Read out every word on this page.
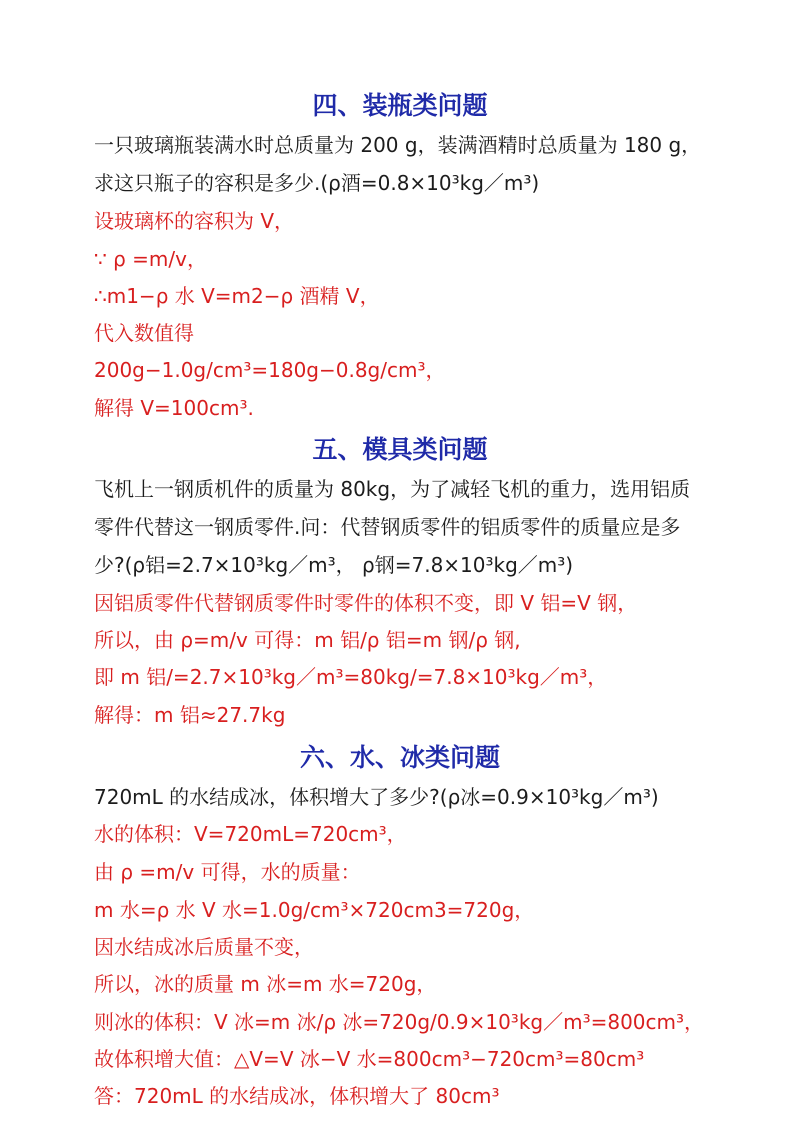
四、装瓶类问题
一只玻璃瓶装满水时总质量为 200 g，装满酒精时总质量为 180 g，
求这只瓶子的容积是多少.(ρ酒=0.8×10³kg／m³)
设玻璃杯的容积为 V，
∵ ρ =m/v，
∴m1−ρ 水 V=m2−ρ 酒精 V，
代入数值得
200g−1.0g/cm³=180g−0.8g/cm³，
解得 V=100cm³.
五、模具类问题
飞机上一钢质机件的质量为 80kg，为了减轻飞机的重力，选用铝质
零件代替这一钢质零件.问：代替钢质零件的铝质零件的质量应是多
少?(ρ铝=2.7×10³kg／m³， ρ钢=7.8×10³kg／m³)
因铝质零件代替钢质零件时零件的体积不变，即 V 铝=V 钢，
所以，由 ρ=m/v 可得：m 铝/ρ 铝=m 钢/ρ 钢,
即 m 铝/=2.7×10³kg／m³=80kg/=7.8×10³kg／m³，
解得：m 铝≈27.7kg
六、水、冰类问题
720mL 的水结成冰，体积增大了多少?(ρ冰=0.9×10³kg／m³)
水的体积：V=720mL=720cm³，
由 ρ =m/v 可得，水的质量：
m 水=ρ 水 V 水=1.0g/cm³×720cm3=720g，
因水结成冰后质量不变，
所以，冰的质量 m 冰=m 水=720g，
则冰的体积：V 冰=m 冰/ρ 冰=720g/0.9×10³kg／m³=800cm³，
故体积增大值：△V=V 冰−V 水=800cm³−720cm³=80cm³
答：720mL 的水结成冰，体积增大了 80cm³
